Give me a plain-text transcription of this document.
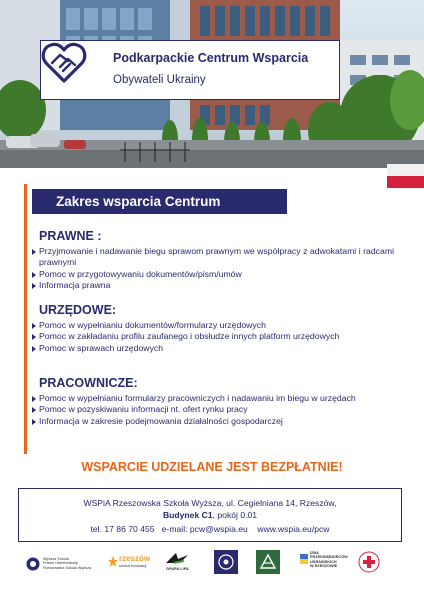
Podkarpackie Centrum Wsparcia
Obywateli Ukrainy
Zakres wsparcia Centrum
PRAWNE :
Przyjmowanie i nadawanie biegu sprawom prawnym we współpracy z adwokatami i radcami prawnymi
Pomoc w przygotowywaniu dokumentów/pism/umów
Informacja prawna
URZĘDOWE:
Pomoc w wypełnianiu dokumentów/formularzy urzędowych
Pomoc w zakładaniu profilu zaufanego i obsłudze innych platform urzędowych
Pomoc w sprawach urzędowych
PRACOWNICZE:
Pomoc w wypełnianiu formularzy pracowniczych i nadawaniu im biegu w urzędach
Pomoc w pozyskiwaniu informacji nt. ofert rynku pracy
Informacja w zakresie podejmowania działalności gospodarczej
WSPARCIE UDZIELANE JEST BEZPŁATNIE!
WSPiA Rzeszowska Szkoła Wyższa, ul. Cegielniana 14, Rzeszów,
Budynek C1, pokój 0.01
tel. 17 86 70 455 e-mail: pcw@wspia.eu www.wspia.eu/pcw
Wyższa Szkoła
Prawa i Administracji
Rzeszowska Szkoła Wyższa
rzeszów
stolica innowacji
GRUPA LIPA
IZBA
PRZEDSIĘBIORCÓW
UKRAIŃSKICH
W RZESZOWIE
